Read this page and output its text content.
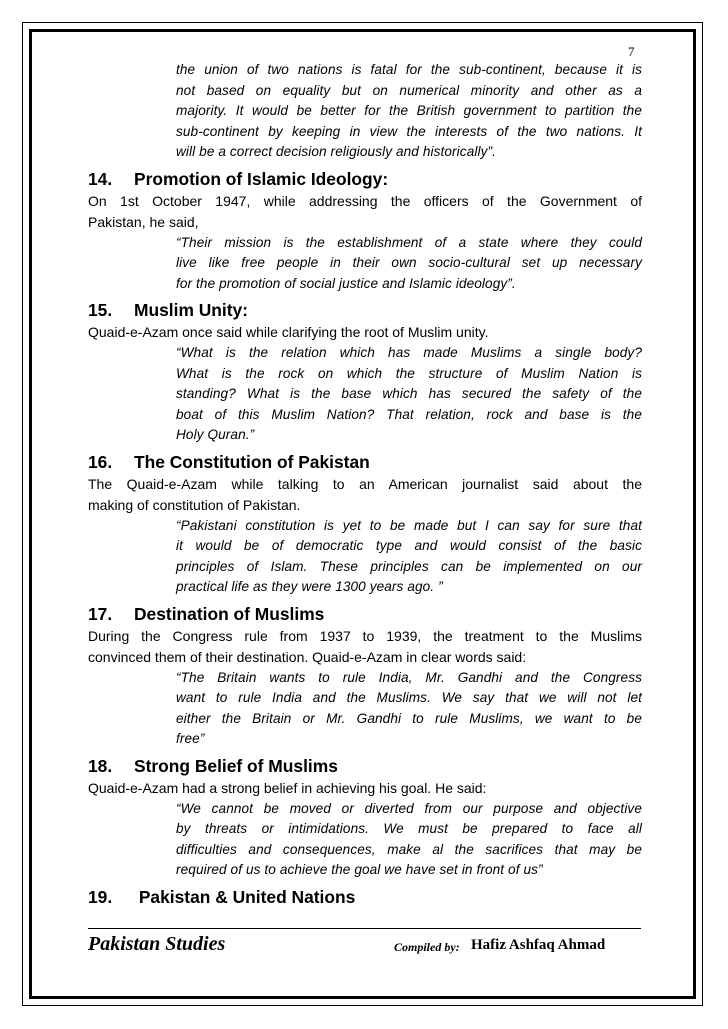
7
the union of two nations is fatal for the sub-continent, because it is
not based on equality but on numerical minority and other as a
majority. It would be better for the British government to partition the
sub-continent by keeping in view the interests of the two nations. It
will be a correct decision religiously and historically”.
14. Promotion of Islamic Ideology:
On 1st October 1947, while addressing the officers of the Government of
Pakistan, he said,
“Their mission is the establishment of a state where they could
live like free people in their own socio-cultural set up necessary
for the promotion of social justice and Islamic ideology”.
15. Muslim Unity:
Quaid-e-Azam once said while clarifying the root of Muslim unity.
“What is the relation which has made Muslims a single body?
What is the rock on which the structure of Muslim Nation is
standing? What is the base which has secured the safety of the
boat of this Muslim Nation? That relation, rock and base is the
Holy Quran.”
16. The Constitution of Pakistan
The Quaid-e-Azam while talking to an American journalist said about the
making of constitution of Pakistan.
“Pakistani constitution is yet to be made but I can say for sure that
it would be of democratic type and would consist of the basic
principles of Islam. These principles can be implemented on our
practical life as they were 1300 years ago. ”
17. Destination of Muslims
During the Congress rule from 1937 to 1939, the treatment to the Muslims
convinced them of their destination. Quaid-e-Azam in clear words said:
“The Britain wants to rule India, Mr. Gandhi and the Congress
want to rule India and the Muslims. We say that we will not let
either the Britain or Mr. Gandhi to rule Muslims, we want to be
free”
18. Strong Belief of Muslims
Quaid-e-Azam had a strong belief in achieving his goal. He said:
“We cannot be moved or diverted from our purpose and objective
by threats or intimidations. We must be prepared to face all
difficulties and consequences, make al the sacrifices that may be
required of us to achieve the goal we have set in front of us”
19. Pakistan & United Nations
Pakistan Studies	Compiled by: Hafiz Ashfaq Ahmad
